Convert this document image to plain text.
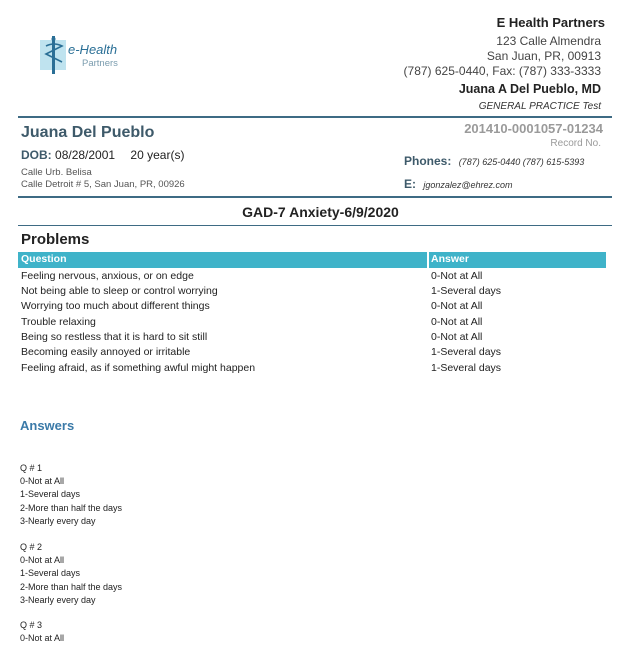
e-Health
Partners
E Health Partners
123 Calle Almendra
San Juan, PR, 00913
(787) 625-0440, Fax: (787) 333-3333
Juana A Del Pueblo, MD
GENERAL PRACTICE Test
Juana Del Pueblo
DOB: 08/28/2001 20 year(s)
Calle Urb. Belisa
Calle Detroit # 5, San Juan, PR, 00926
201410-0001057-01234
Record No.
Phones: (787) 625-0440 (787) 615-5393
E: jgonzalez@ehrez.com
GAD-7 Anxiety-6/9/2020
Problems
Question	Answer
Feeling nervous, anxious, or on edge	0-Not at All
Not being able to sleep or control worrying	1-Several days
Worrying too much about different things	0-Not at All
Trouble relaxing	0-Not at All
Being so restless that it is hard to sit still	0-Not at All
Becoming easily annoyed or irritable	1-Several days
Feeling afraid, as if something awful might happen	1-Several days
Answers
Q # 1
0-Not at All
1-Several days
2-More than half the days
3-Nearly every day
Q # 2
0-Not at All
1-Several days
2-More than half the days
3-Nearly every day
Q # 3
0-Not at All
